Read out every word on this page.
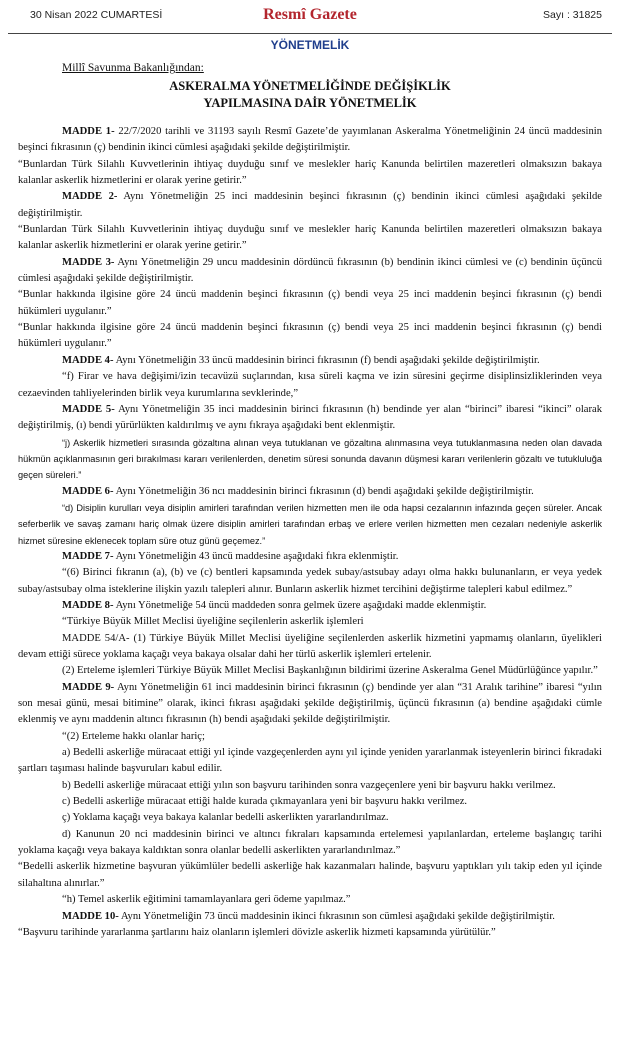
30 Nisan 2022 CUMARTESİ	Resmî Gazete	Sayı : 31825
YÖNETMELİK
Millî Savunma Bakanlığından:
ASKERALMA YÖNETMELİĞİNDE DEĞİŞİKLİK
YAPILMASINA DAİR YÖNETMELİK

MADDE 1- 22/7/2020 tarihli ve 31193 sayılı Resmî Gazete’de yayımlanan Askeralma Yönetmeliğinin 24 üncü maddesinin beşinci fıkrasının (ç) bendinin ikinci cümlesi aşağıdaki şekilde değiştirilmiştir.

“Bunlardan Türk Silahlı Kuvvetlerinin ihtiyaç duyduğu sınıf ve meslekler hariç Kanunda belirtilen mazeretleri olmaksızın bakaya kalanlar askerlik hizmetlerini er olarak yerine getirir.”

MADDE 2- Aynı Yönetmeliğin 25 inci maddesinin beşinci fıkrasının (ç) bendinin ikinci cümlesi aşağıdaki şekilde değiştirilmiştir.

“Bunlardan Türk Silahlı Kuvvetlerinin ihtiyaç duyduğu sınıf ve meslekler hariç Kanunda belirtilen mazeretleri olmaksızın bakaya kalanlar askerlik hizmetlerini er olarak yerine getirir.”

MADDE 3- Aynı Yönetmeliğin 29 uncu maddesinin dördüncü fıkrasının (b) bendinin ikinci cümlesi ve (c) bendinin üçüncü cümlesi aşağıdaki şekilde değiştirilmiştir.

“Bunlar hakkında ilgisine göre 24 üncü maddenin beşinci fıkrasının (ç) bendi veya 25 inci maddenin beşinci fıkrasının (ç) bendi hükümleri uygulanır.”

“Bunlar hakkında ilgisine göre 24 üncü maddenin beşinci fıkrasının (ç) bendi veya 25 inci maddenin beşinci fıkrasının (ç) bendi hükümleri uygulanır.”

MADDE 4- Aynı Yönetmeliğin 33 üncü maddesinin birinci fıkrasının (f) bendi aşağıdaki şekilde değiştirilmiştir.

“f) Firar ve hava değişimi/izin tecavüzü suçlarından, kısa süreli kaçma ve izin süresini geçirme disiplinsizliklerinden veya cezaevinden tahliyelerinden birlik veya kurumlarına sevklerinde,”

MADDE 5- Aynı Yönetmeliğin 35 inci maddesinin birinci fıkrasının (h) bendinde yer alan “birinci” ibaresi “ikinci” olarak değiştirilmiş, (ı) bendi yürürlükten kaldırılmış ve aynı fıkraya aşağıdaki bent eklenmiştir.

“j) Askerlik hizmetleri sırasında gözaltına alınan veya tutuklanan ve gözaltına alınmasına veya tutuklanmasına neden olan davada hükmün açıklanmasının geri bırakılması kararı verilenlerden, denetim süresi sonunda davanın düşmesi kararı verilenlerin gözaltı ve tutukluluğa geçen süreleri.”

MADDE 6- Aynı Yönetmeliğin 36 ncı maddesinin birinci fıkrasının (d) bendi aşağıdaki şekilde değiştirilmiştir.

“d) Disiplin kurulları veya disiplin amirleri tarafından verilen hizmetten men ile oda hapsi cezalarının infazında geçen süreler. Ancak seferberlik ve savaş zamanı hariç olmak üzere disiplin amirleri tarafından erbaş ve erlere verilen hizmetten men cezaları nedeniyle askerlik hizmet süresine eklenecek toplam süre otuz günü geçemez.”

MADDE 7- Aynı Yönetmeliğin 43 üncü maddesine aşağıdaki fıkra eklenmiştir.

“(6) Birinci fıkranın (a), (b) ve (c) bentleri kapsamında yedek subay/astsubay adayı olma hakkı bulunanların, er veya yedek subay/astsubay olma isteklerine ilişkin yazılı talepleri alınır. Bunların askerlik hizmet tercihini değiştirme talepleri kabul edilmez.”

MADDE 8- Aynı Yönetmeliğe 54 üncü maddeden sonra gelmek üzere aşağıdaki madde eklenmiştir.

“Türkiye Büyük Millet Meclisi üyeliğine seçilenlerin askerlik işlemleri

MADDE 54/A- (1) Türkiye Büyük Millet Meclisi üyeliğine seçilenlerden askerlik hizmetini yapmamış olanların, üyelikleri devam ettiği sürece yoklama kaçağı veya bakaya olsalar dahi her türlü askerlik işlemleri ertelenir.

(2) Erteleme işlemleri Türkiye Büyük Millet Meclisi Başkanlığının bildirimi üzerine Askeralma Genel Müdürlüğünce yapılır.”

MADDE 9- Aynı Yönetmeliğin 61 inci maddesinin birinci fıkrasının (ç) bendinde yer alan “31 Aralık tarihine” ibaresi “yılın son mesai günü, mesai bitimine” olarak, ikinci fıkrası aşağıdaki şekilde değiştirilmiş, üçüncü fıkrasının (a) bendine aşağıdaki cümle eklenmiş ve aynı maddenin altıncı fıkrasının (h) bendi aşağıdaki şekilde değiştirilmiştir.

“(2) Erteleme hakkı olanlar hariç;

a) Bedelli askerliğe müracaat ettiği yıl içinde vazgeçenlerden aynı yıl içinde yeniden yararlanmak isteyenlerin birinci fıkradaki şartları taşıması halinde başvuruları kabul edilir.

b) Bedelli askerliğe müracaat ettiği yılın son başvuru tarihinden sonra vazgeçenlere yeni bir başvuru hakkı verilmez.

c) Bedelli askerliğe müracaat ettiği halde kurada çıkmayanlara yeni bir başvuru hakkı verilmez.

ç) Yoklama kaçağı veya bakaya kalanlar bedelli askerlikten yararlandırılmaz.

d) Kanunun 20 nci maddesinin birinci ve altıncı fıkraları kapsamında ertelemesi yapılanlardan, erteleme başlangıç tarihi yoklama kaçağı veya bakaya kaldıktan sonra olanlar bedelli askerlikten yararlandırılmaz.”

“Bedelli askerlik hizmetine başvuran yükümlüler bedelli askerliğe hak kazanmaları halinde, başvuru yaptıkları yılı takip eden yıl içinde silahaltına alınırlar.”

“h) Temel askerlik eğitimini tamamlayanlara geri ödeme yapılmaz.”

MADDE 10- Aynı Yönetmeliğin 73 üncü maddesinin ikinci fıkrasının son cümlesi aşağıdaki şekilde değiştirilmiştir.

“Başvuru tarihinde yararlanma şartlarını haiz olanların işlemleri dövizle askerlik hizmeti kapsamında yürütülür.”
